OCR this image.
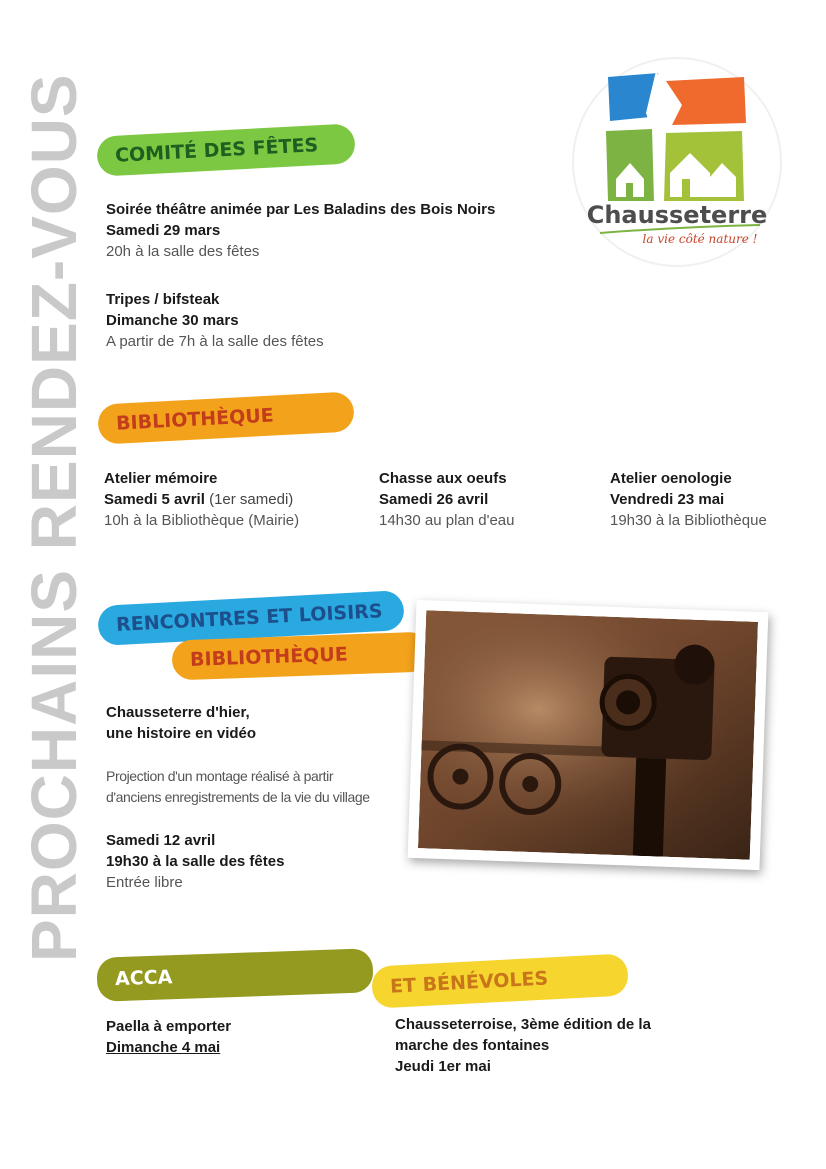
PROCHAINS RENDEZ-VOUS	Chausseterre
la vie côté nature !
COMITÉ DES FÊTES
Soirée théâtre animée par Les Baladins des Bois Noirs
Samedi 29 mars
20h à la salle des fêtes
Tripes / bifsteak
Dimanche 30 mars
A partir de 7h à la salle des fêtes
BIBLIOTHÈQUE
Atelier mémoire
Samedi 5 avril (1er samedi)
10h à la Bibliothèque (Mairie)
Chasse aux oeufs
Samedi 26 avril
14h30 au plan d'eau
Atelier oenologie
Vendredi 23 mai
19h30 à la Bibliothèque
RENCONTRES ET LOISIRS
BIBLIOTHÈQUE
Chausseterre d'hier,
une histoire en vidéo
Projection d'un montage réalisé à partir
d'anciens enregistrements de la vie du village
Samedi 12 avril
19h30 à la salle des fêtes
Entrée libre
ACCA
Paella à emporter
Dimanche 4 mai
ET BÉNÉVOLES
Chausseterroise, 3ème édition de la
marche des fontaines
Jeudi 1er mai
